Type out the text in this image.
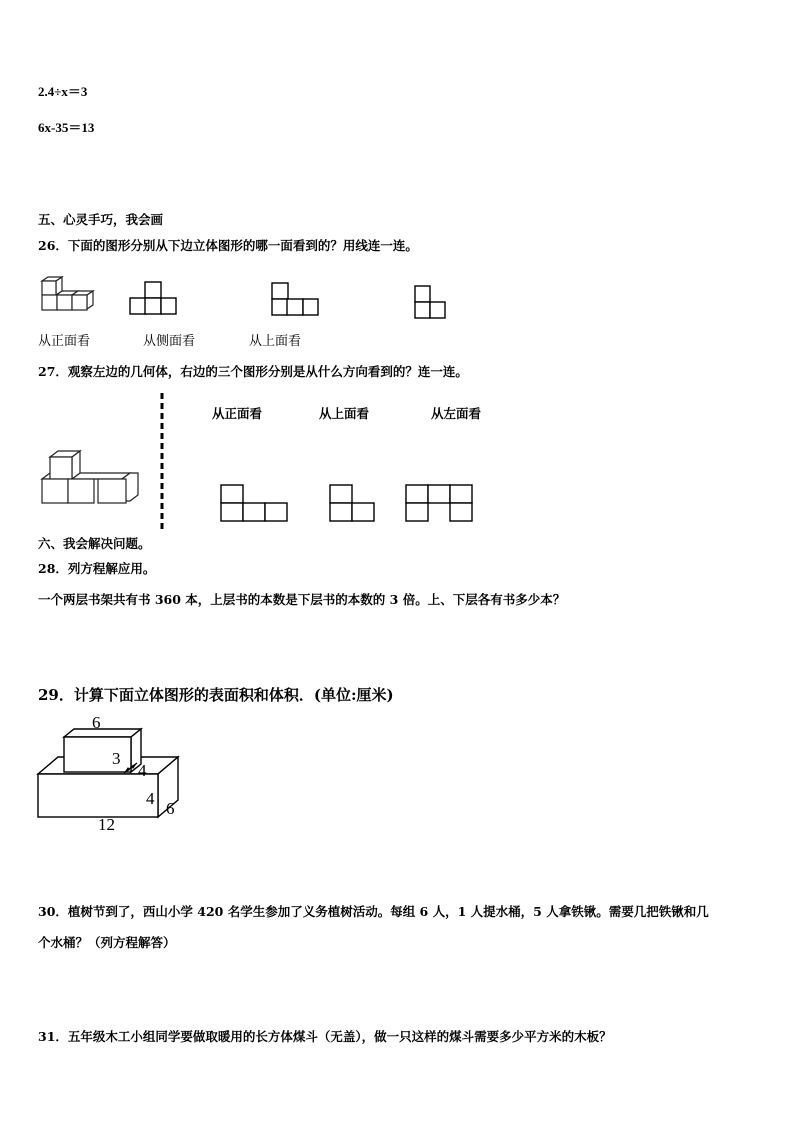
2.4÷x＝3
6x-35＝13
五、心灵手巧，我会画
26．下面的图形分别从下边立体图形的哪一面看到的？用线连一连。
从正面看	从侧面看	从上面看
27．观察左边的几何体，右边的三个图形分别是从什么方向看到的？连一连。
从正面看	从上面看	从左面看
六、我会解决问题。
28．列方程解应用。
一个两层书架共有书 360 本，上层书的本数是下层书的本数的 3 倍。上、下层各有书多少本？
29．计算下面立体图形的表面积和体积．(单位:厘米)
6
3
4
4
6
12
30．植树节到了，西山小学 420 名学生参加了义务植树活动。每组 6 人，1 人提水桶，5 人拿铁锹。需要几把铁锹和几
个水桶？（列方程解答）
31．五年级木工小组同学要做取暖用的长方体煤斗（无盖），做一只这样的煤斗需要多少平方米的木板？
